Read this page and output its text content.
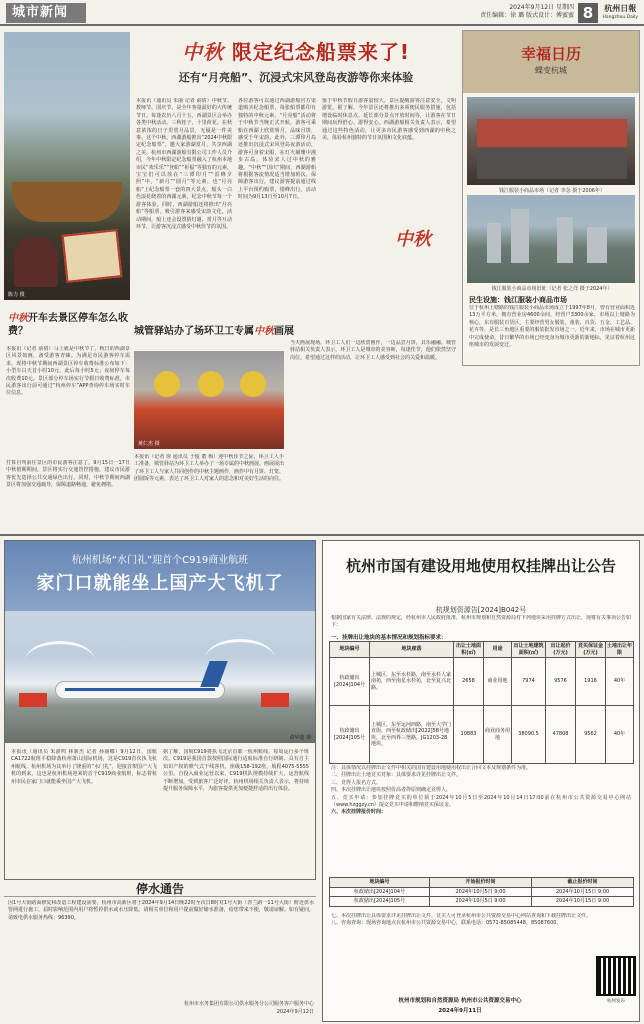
城市新闻	2024年9月12日 星期四
责任编辑：徐 璐 版式设计：傅蜜蜜 8	杭州日報
Hangzhou Daily
陈力 摄
中秋 限定纪念船票来了!
还有“月亮船”、沉浸式宋风登岛夜游等你来体验
本报讯（通讯员 朱丽 记者 俞倩）中秋节、教师节、国庆节，是全年客量最好的大传统节日。每逢农历八月十五，西湖景区会举办各类中秋活动。三秋桂子，十里荷花。在秋意浓浓的日子里赏月品景，无疑是一件美事。这个中秋，西湖游船推出“2024中秋限定纪念船票”，邀大家游湖赏月，共享西湖之美。杭州市西湖游船有限公司工作人员介绍，今年中秋限定纪念船票融入了杭州本地市民“欢乐乐”“登船”“祈福”等独有的元素，宝宝们可以放在“三潭印月”“雷峰夕照”中，“新月”“圆月”等元素，也“月亮船”上纪念船票一套的四大景点，船头一白色浪花绕着的西湖元素，纪念中秋节每一个游客体验。同时，西湖游船还将推出“月亮船”等船票，吸引游客来感受宋韵文化。活动期间，船上还会设置猜灯谜、赏月等互动环节，让游客沉浸式感受中秋佳节的氛围。
各位游客可以通过西湖游船官方渠道购买纪念船票，每张船票都印有独特的中秋元素。“月亮船”活动将于中秋节当晚正式开航，游客可乘船在西湖上欣赏明月，品味月饼，感受千年宋韵。此外，三潭印月岛还推出沉浸式宋风登岛夜游活动，游客可身着宋服，在灯火阑珊中漫步古岛，体验宋人过中秋的雅趣。“中秋”“国庆”期间，西湖游船将根据客流情况适当增加班次，保障游客出行。建议游客提前通过线上平台预约购票，错峰出行。活动时间为9月13日至10月7日。
鉴于中秋节假日游客量较大，景区提醒游客注意安全，文明游览。据了解，今年景区还将推出多项便民服务措施，包括增设临时休息点、延长部分景点开放时间等，让游客在节日期间玩得舒心、游得安心。西湖游船相关负责人表示，希望通过这些特色活动，让更多市民游客感受到西湖的中秋之美，体验杭州独特的节日氛围和文化底蕴。
中秋
幸福日历
蝶变杭城
钱江服装小商品市场（记者 李念 摄于2006年）
钱江服装小商品市场旧址（记者 张之洋 摄于2024年）
民生设施：钱江服装小商品市场
位于杭州上塘路的钱江服装小商品市场成立于1997年8月，曾有营业面积近13万平方米，拥有营业房4600余间，经营户3300余家，市场以上塘路为核心，东有服装百货区，主要经营男女服装、童装、百货、五金、工艺品、花卉等，是长三角地区重要的服装批发市场之一。近年来，市场在城市更新中完成使命，昔日繁华的市场已经变身为城市更新的新地标，见证着杭州这座城市的发展变迁。
中秋开车去景区停车怎么收费？
本报讯（记者 俞倩）马上就是中秋节了，秋日的西湖景区风景如画，备受游客青睐。为满足市民游客停车需求，现将中秋节期间西湖景区停车收费标准公布如下：小型车白天首小时10元，此后每小时5元；夜间停车每次收费10元。景区部分停车场实行节假日收费标准，市民游客出行前可通过“杭州停车”APP查询停车场实时车位信息。
打算自驾前往景区的市民游客注意了，9月15日一17日中秋假期期间，景区将实行交通管控措施，建议市民游客优先选择公共交通绿色出行。同时，中秋节期间西湖景区将加强交通疏导，保障道路畅通，避免拥堵。
城管驿站办了场环卫工专属中秋画展
黄仁杰 摄
本报讯（记者 徐 通讯员 于俊 董 梅）迎中秋佳节之际，环卫工人手工准备，城管驿站为环卫工人举办了一场专属的中秋画展。画展展出了环卫工人与家人共同创作的中秋主题画作，画作中有月饼、灯笼、团圆饭等元素，表达了环卫工人对家人的思念和对美好生活的向往。
当天画展现场，环卫工人们一边欣赏画作，一边品尝月饼，其乐融融。城管驿站相关负责人表示，环卫工人是城市的美容师，每逢佳节，他们依然坚守岗位。希望通过这样的活动，让环卫工人感受到社会的关爱和温暖。
杭州机场“水门礼”迎首个C919商业航班
家门口就能坐上国产大飞机了
谭华捷 摄
本报讯（通讯员 朱浙鸣 林新杰 记者 孙丽娜）9月12日，国航CA1722航班平稳降落杭州萧山国际机场，这是C919首次执飞杭州航线。杭州机场为其举行了隆重的“水门礼”，迎接首架国产大飞机的到来。这也是杭州机场迎来的首个C919商业航班，标志着杭州市民在家门口就能乘坐国产大飞机。
据了解，国航C919将执飞北京首都一杭州航线，每周运行多个班次。C919是我国首款按照国际通行适航标准自行研制、具有自主知识产权的喷气式干线客机，座级158-192座，航程4075-5555公里。自投入商业运营以来，C919机队规模持续扩大，运营航线不断增加，受到旅客广泛好评。杭州机场相关负责人表示，将持续提升服务保障水平，为旅客提供更加便捷舒适的出行体验。
停水通告
因1号大街路面修复和改造工程建设需要，杭州市高新区将于2024年9月14日晚22时至次日8时对1号大街（青兰路一11号大街）附近供水管网进行施工，届时影响范围内用户将暂停供水或水压降低。请相关单位和用户提前做好储水准备，给您带来不便，敬请谅解。如有疑问，请致电供水服务热线：96390。
杭州市水务集团有限公司供水服务分公司服务客户服务中心
2024年9月12日
杭州市国有建设用地使用权挂牌出让公告
杭规划资源告[2024]B042号
根据国家有关法律、法规的规定，经杭州市人民政府批准，杭州市规划和自然资源局对下列地块采用挂牌方式出让，现将有关事项公告如下：
一、挂牌出让地块的基本情况和规划指标要求：
地块编号	地块座落	出让土地面积(㎡)	用途	出让土地建筑面积(㎡)	出让起价(万元)	竞买保证金(万元)	土地出让年限
杭政储出[2024]104号	上城区，东至水杉路，南至水杉人家南苑，西至南星水杉苑，北至复兴北路。	2658	商业用地	7974	9576	1916	40年
杭政储出[2024]105号	上城区，东至运河西路，南至大学门直街，西至杭政储出[2022]58号地块，北至西界三堡路，JG1203-28地块。	10883	商业商务用地	38090.5	47808	9562	40年
注：具体情况以挂牌出让文件中相关的国有建设用地使用权出让合同文本及规划条件为准。
二、挂牌出让土地竞买对象：具体要求详见挂牌出让文件。
三、竞得人报名方式。
四、本次挂牌出让地块按照价高者得原则确定竞得人。
五、竞买申请：参加挂牌竞买的单位须于2024年10月5日至2024年10月14日17:00前在杭州市公共资源交易中心网站（www.hzggzy.cn）提交竞买申请和缴纳竞买保证金。
六、本次挂牌报价时间：
地块编号	开始报价时间	截止报价时间
杭政储出[2024]104号	2024年10月5日 9:00	2024年10月15日 9:00
杭政储出[2024]105号	2024年10月5日 9:00	2024年10月15日 9:00
七、本次挂牌出让具体要求详见挂牌出让文件。竞买人可登录杭州市公共资源交易中心网站查询和下载挂牌出让文件。
八、咨询查询：现场咨询地点在杭州市公共资源交易中心，联系电话：0571-85085448，85087600。
杭州发布
杭州市规划和自然资源局 杭州市公共资源交易中心
2024年9月11日
